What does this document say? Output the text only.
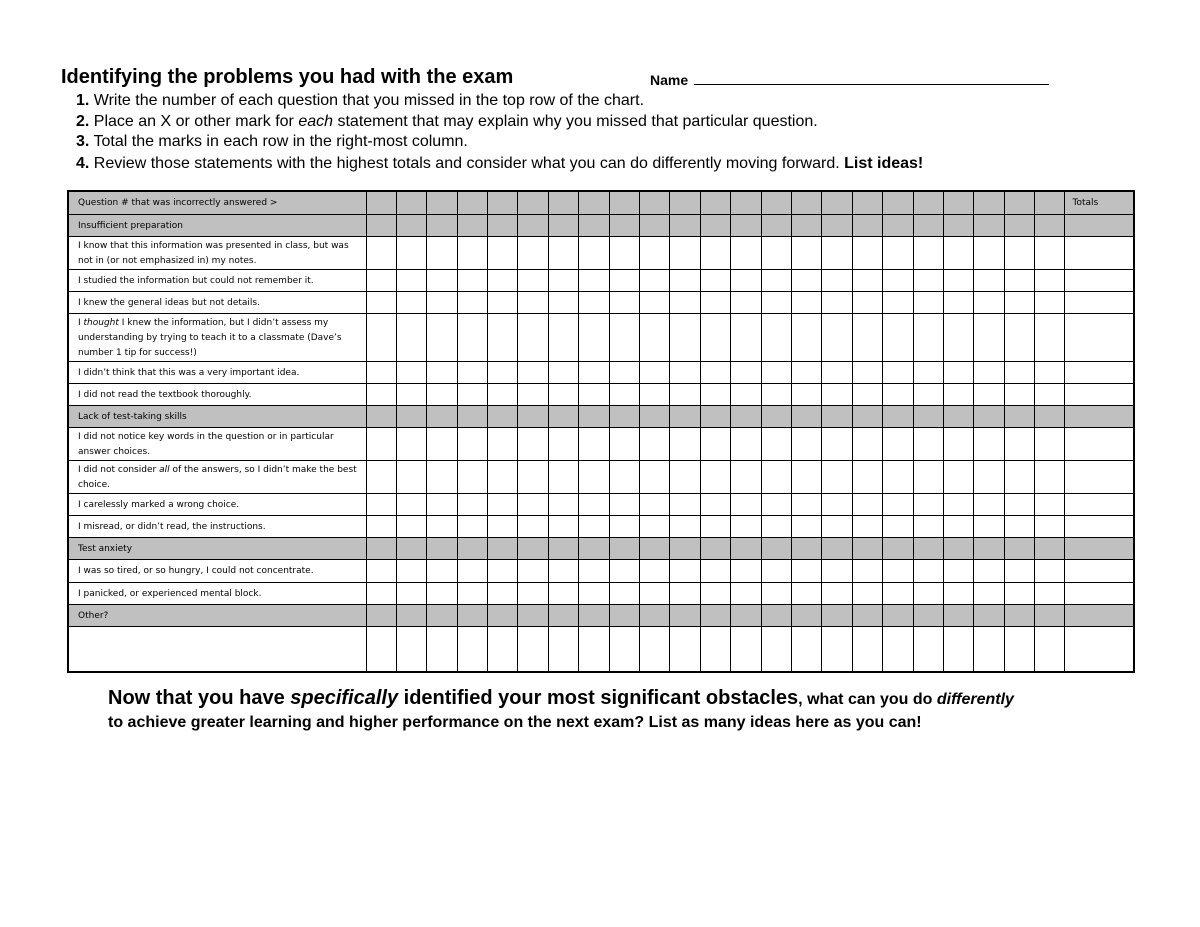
Identifying the problems you had with the exam	Name
1. Write the number of each question that you missed in the top row of the chart.
2. Place an X or other mark for each statement that may explain why you missed that particular question.
3. Total the marks in each row in the right-most column.
4. Review those statements with the highest totals and consider what you can do differently moving forward. List ideas!
Question # that was incorrectly answered >																								Totals
Insufficient preparation																								
I know that this information was presented in class, but was not in (or not emphasized in) my notes.																								
I studied the information but could not remember it.																								
I knew the general ideas but not details.																								
I thought I knew the information, but I didn’t assess my understanding by trying to teach it to a classmate (Dave’s number 1 tip for success!)																								
I didn’t think that this was a very important idea.																								
I did not read the textbook thoroughly.																								
Lack of test-taking skills																								
I did not notice key words in the question or in particular answer choices.																								
I did not consider all of the answers, so I didn’t make the best choice.																								
I carelessly marked a wrong choice.																								
I misread, or didn’t read, the instructions.																								
Test anxiety																								
I was so tired, or so hungry, I could not concentrate.																								
I panicked, or experienced mental block.																								
Other?																								

Now that you have specifically identified your most significant obstacles, what can you do differently
to achieve greater learning and higher performance on the next exam? List as many ideas here as you can!
